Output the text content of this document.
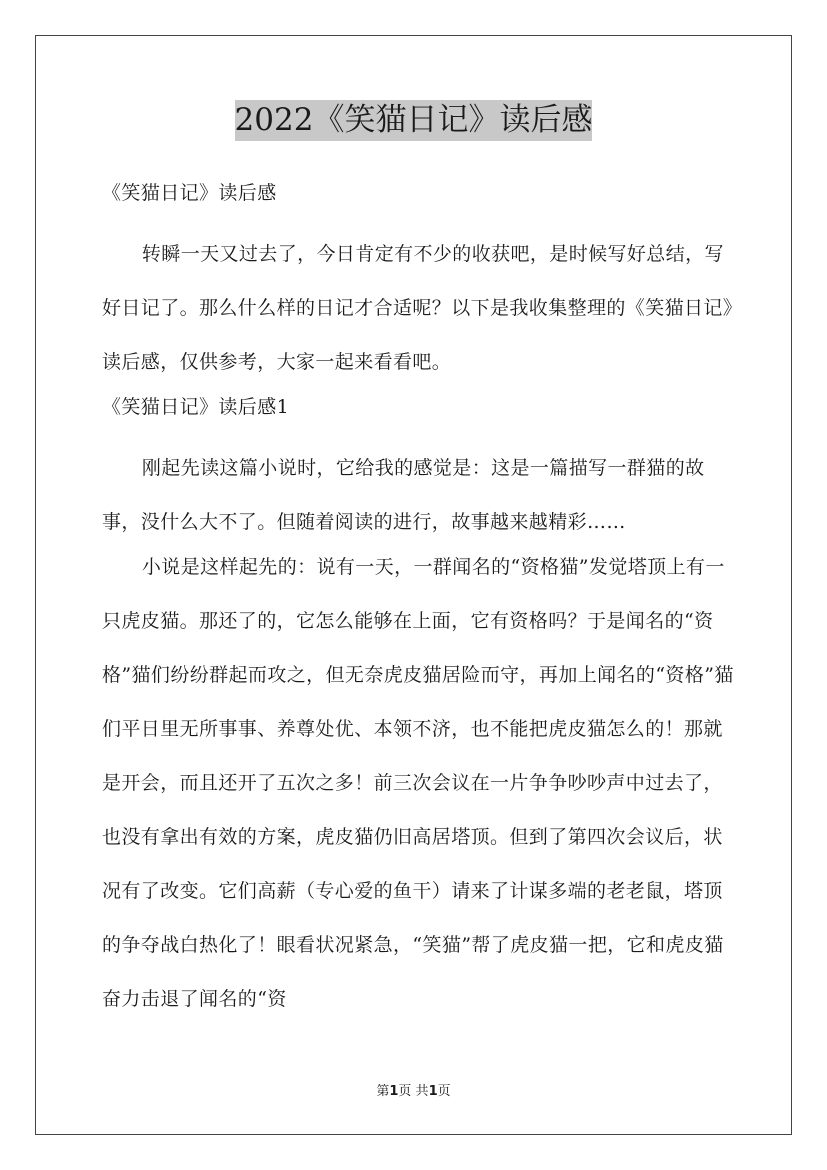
2022《笑猫日记》读后感

《笑猫日记》读后感

转瞬一天又过去了，今日肯定有不少的收获吧，是时候写好总结，写好日记了。那么什么样的日记才合适呢？以下是我收集整理的《笑猫日记》读后感，仅供参考，大家一起来看看吧。

《笑猫日记》读后感1

刚起先读这篇小说时，它给我的感觉是：这是一篇描写一群猫的故事，没什么大不了。但随着阅读的进行，故事越来越精彩……

小说是这样起先的：说有一天，一群闻名的“资格猫”发觉塔顶上有一只虎皮猫。那还了的，它怎么能够在上面，它有资格吗？于是闻名的“资格”猫们纷纷群起而攻之，但无奈虎皮猫居险而守，再加上闻名的“资格”猫们平日里无所事事、养尊处优、本领不济，也不能把虎皮猫怎么的！那就是开会，而且还开了五次之多！前三次会议在一片争争吵吵声中过去了，也没有拿出有效的方案，虎皮猫仍旧高居塔顶。但到了第四次会议后，状况有了改变。它们高薪（专心爱的鱼干）请来了计谋多端的老老鼠，塔顶的争夺战白热化了！眼看状况紧急，“笑猫”帮了虎皮猫一把，它和虎皮猫奋力击退了闻名的“资

第1页 共1页
